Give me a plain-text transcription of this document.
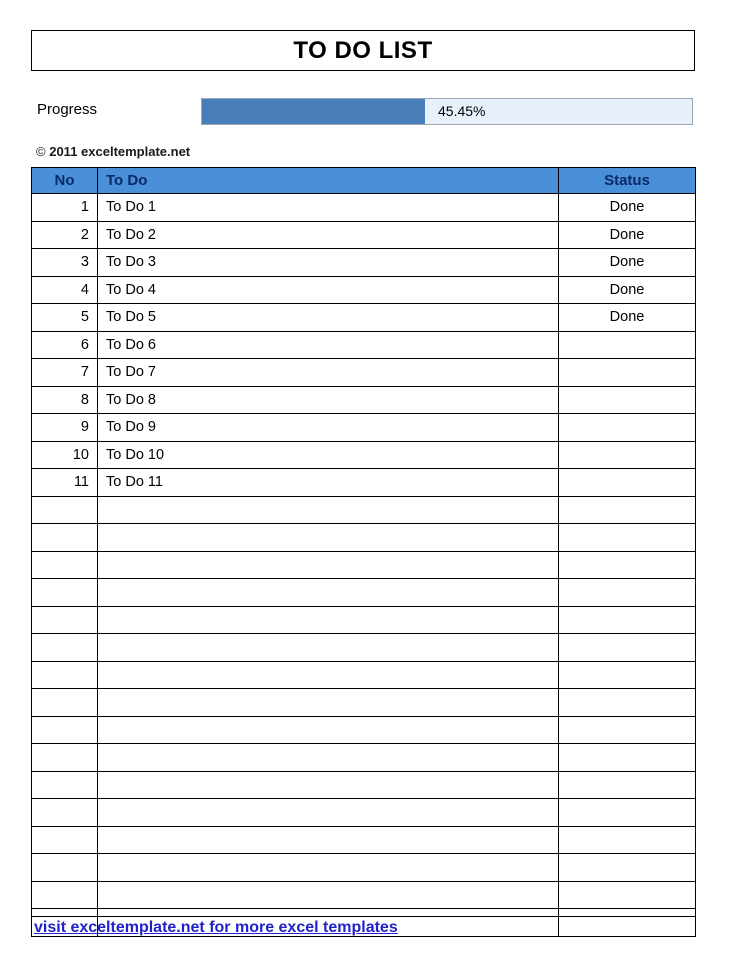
TO DO LIST
Progress	45.45%
© 2011 exceltemplate.net
No	To Do	Status
1	To Do 1	Done
2	To Do 2	Done
3	To Do 3	Done
4	To Do 4	Done
5	To Do 5	Done
6	To Do 6	
7	To Do 7	
8	To Do 8	
9	To Do 9	
10	To Do 10	
11	To Do 11	

visit exceltemplate.net for more excel templates
